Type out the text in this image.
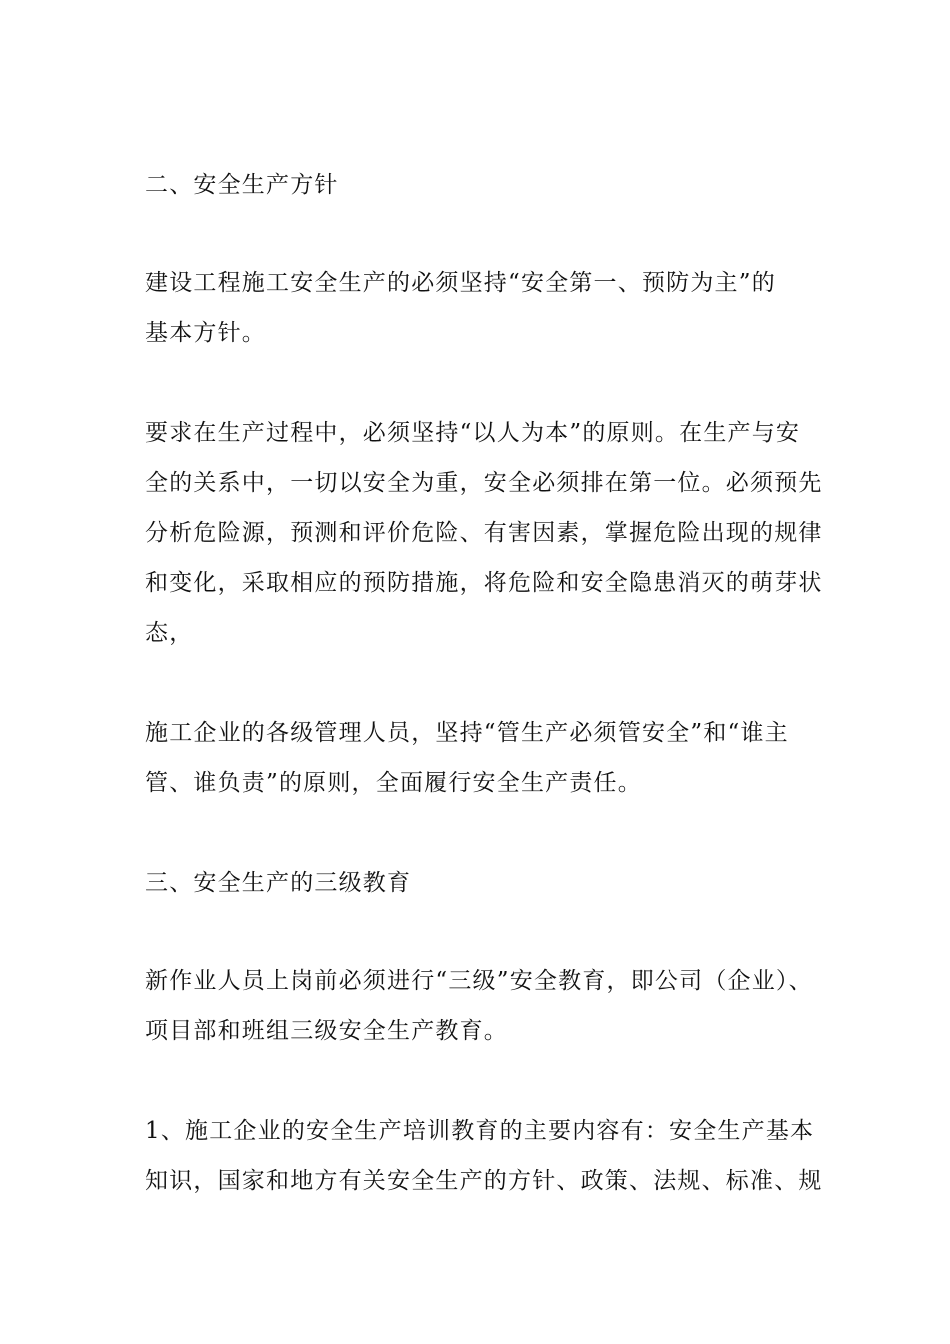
二、安全生产方针
建设工程施工安全生产的必须坚持“安全第一、预防为主”的
基本方针。
要求在生产过程中，必须坚持“以人为本”的原则。在生产与安
全的关系中，一切以安全为重，安全必须排在第一位。必须预先
分析危险源，预测和评价危险、有害因素，掌握危险出现的规律
和变化，采取相应的预防措施，将危险和安全隐患消灭的萌芽状
态，
施工企业的各级管理人员，坚持“管生产必须管安全”和“谁主
管、谁负责”的原则，全面履行安全生产责任。
三、安全生产的三级教育
新作业人员上岗前必须进行“三级”安全教育，即公司（企业）、
项目部和班组三级安全生产教育。
1、施工企业的安全生产培训教育的主要内容有：安全生产基本
知识，国家和地方有关安全生产的方针、政策、法规、标准、规
